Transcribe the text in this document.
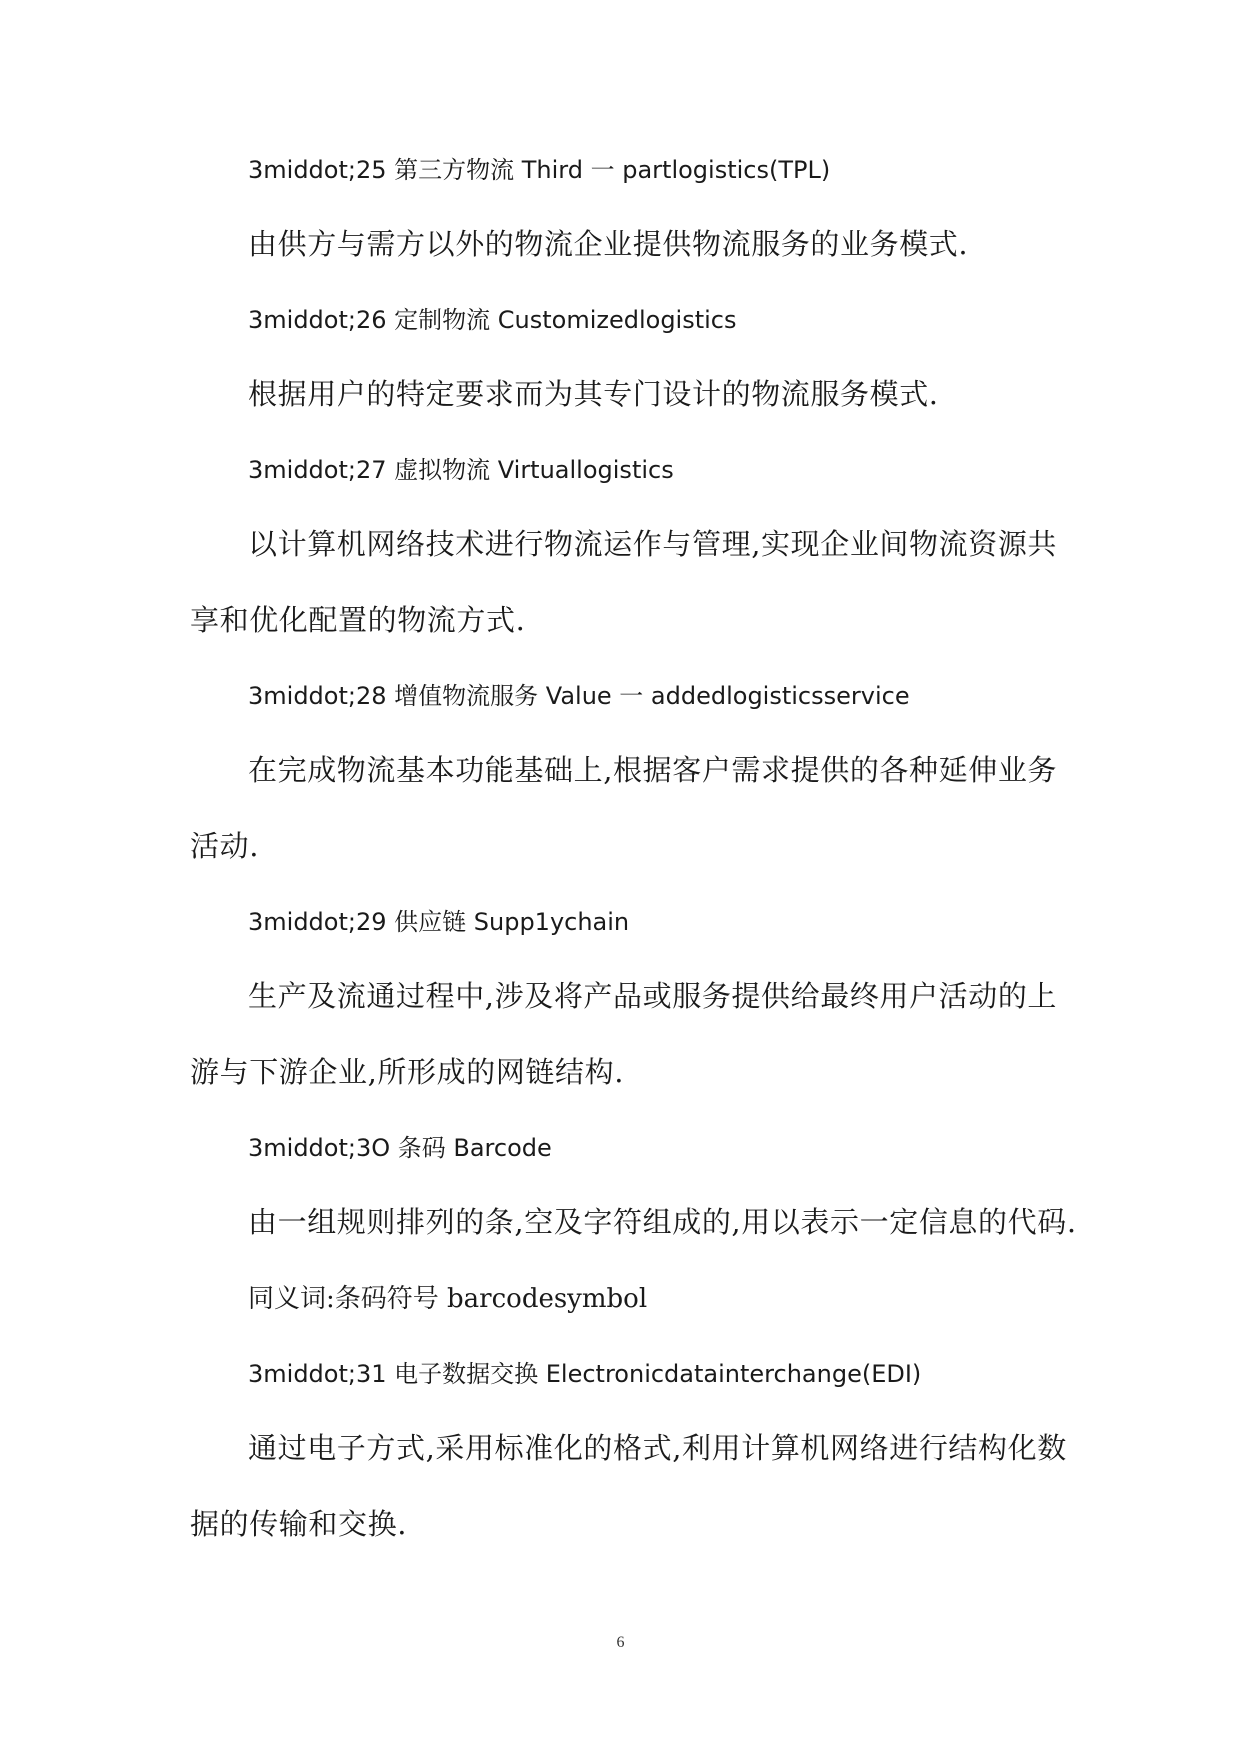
3middot;25 第三方物流 Third 一 partlogistics(TPL)
由供方与需方以外的物流企业提供物流服务的业务模式.
3middot;26 定制物流 Customizedlogistics
根据用户的特定要求而为其专门设计的物流服务模式.
3middot;27 虚拟物流 Virtuallogistics
以计算机网络技术进行物流运作与管理,实现企业间物流资源共
享和优化配置的物流方式.
3middot;28 增值物流服务 Value 一 addedlogisticsservice
在完成物流基本功能基础上,根据客户需求提供的各种延伸业务
活动.
3middot;29 供应链 Supp1ychain
生产及流通过程中,涉及将产品或服务提供给最终用户活动的上
游与下游企业,所形成的网链结构.
3middot;3O 条码 Barcode
由一组规则排列的条,空及字符组成的,用以表示一定信息的代码.
同义词:条码符号 barcodesymbol
3middot;31 电子数据交换 Electronicdatainterchange(EDI)
通过电子方式,采用标准化的格式,利用计算机网络进行结构化数
据的传输和交换.
6
